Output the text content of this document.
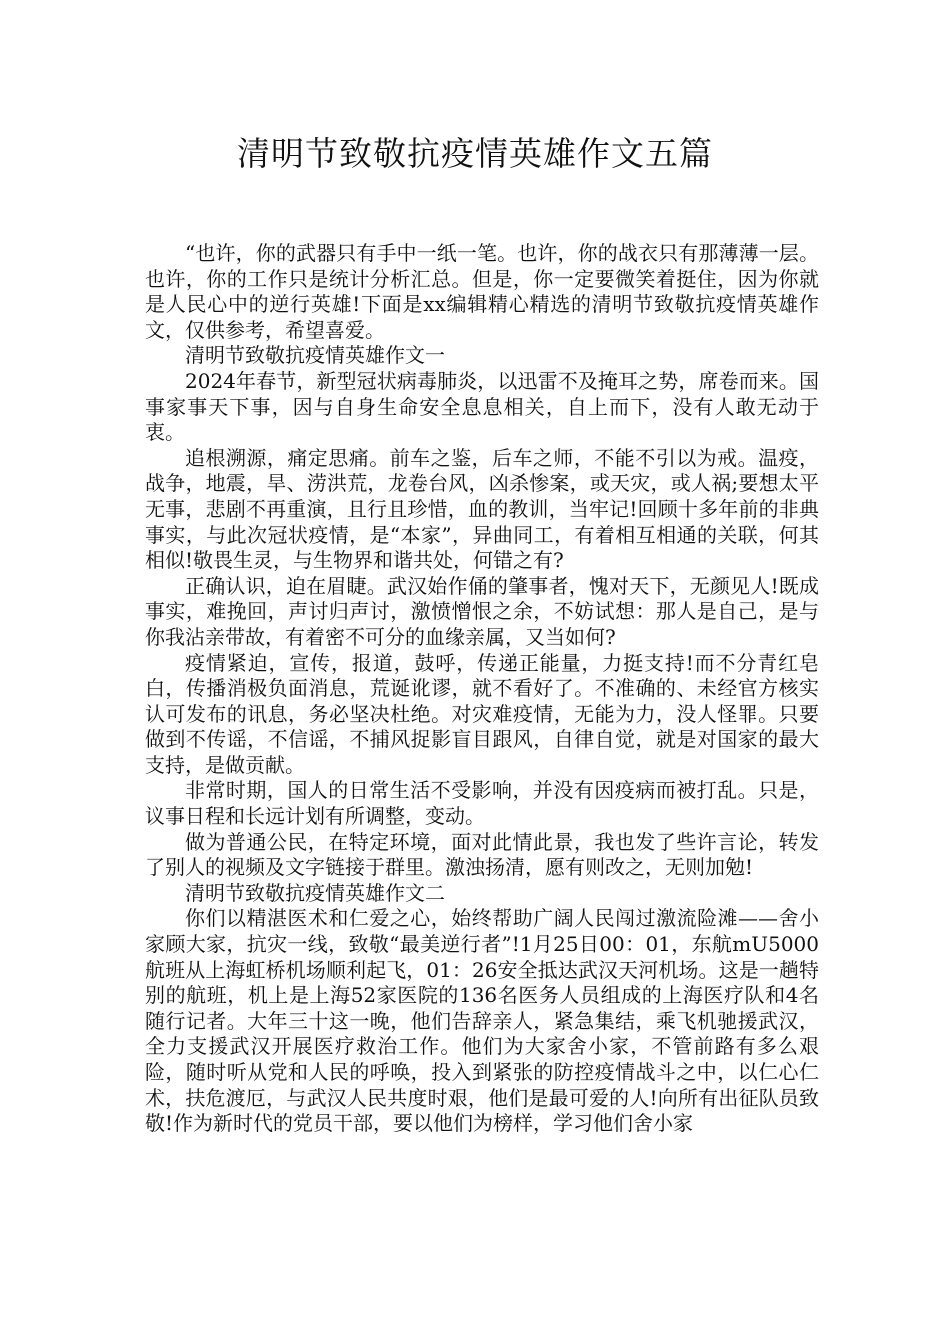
清明节致敬抗疫情英雄作文五篇

“也许，你的武器只有手中一纸一笔。也许，你的战衣只有那薄薄一层。也许，你的工作只是统计分析汇总。但是，你一定要微笑着挺住，因为你就是人民心中的逆行英雄!下面是xx编辑精心精选的清明节致敬抗疫情英雄作文，仅供参考，希望喜爱。

清明节致敬抗疫情英雄作文一

2024年春节，新型冠状病毒肺炎，以迅雷不及掩耳之势，席卷而来。国事家事天下事，因与自身生命安全息息相关，自上而下，没有人敢无动于衷。

追根溯源，痛定思痛。前车之鉴，后车之师，不能不引以为戒。温疫，战争，地震，旱、涝洪荒，龙卷台风，凶杀惨案，或天灾，或人祸;要想太平无事，悲剧不再重演，且行且珍惜，血的教训，当牢记!回顾十多年前的非典事实，与此次冠状疫情，是“本家”，异曲同工，有着相互相通的关联，何其相似!敬畏生灵，与生物界和谐共处，何错之有?

正确认识，迫在眉睫。武汉始作俑的肇事者，愧对天下，无颜见人!既成事实，难挽回，声讨归声讨，激愤憎恨之余，不妨试想：那人是自己，是与你我沾亲带故，有着密不可分的血缘亲属，又当如何?

疫情紧迫，宣传，报道，鼓呼，传递正能量，力挺支持!而不分青红皂白，传播消极负面消息，荒诞讹谬，就不看好了。不准确的、未经官方核实认可发布的讯息，务必坚决杜绝。对灾难疫情，无能为力，没人怪罪。只要做到不传谣，不信谣，不捕风捉影盲目跟风，自律自觉，就是对国家的最大支持，是做贡献。

非常时期，国人的日常生活不受影响，并没有因疫病而被打乱。只是，议事日程和长远计划有所调整，变动。

做为普通公民，在特定环境，面对此情此景，我也发了些许言论，转发了别人的视频及文字链接于群里。激浊扬清，愿有则改之，无则加勉!

清明节致敬抗疫情英雄作文二

你们以精湛医术和仁爱之心，始终帮助广阔人民闯过激流险滩——舍小家顾大家，抗灾一线，致敬“最美逆行者”!1月25日00：01，东航mU5000航班从上海虹桥机场顺利起飞，01：26安全抵达武汉天河机场。这是一趟特别的航班，机上是上海52家医院的136名医务人员组成的上海医疗队和4名随行记者。大年三十这一晚，他们告辞亲人，紧急集结，乘飞机驰援武汉，全力支援武汉开展医疗救治工作。他们为大家舍小家，不管前路有多么艰险，随时听从党和人民的呼唤，投入到紧张的防控疫情战斗之中，以仁心仁术，扶危渡厄，与武汉人民共度时艰，他们是最可爱的人!向所有出征队员致敬!作为新时代的党员干部，要以他们为榜样，学习他们舍小家
